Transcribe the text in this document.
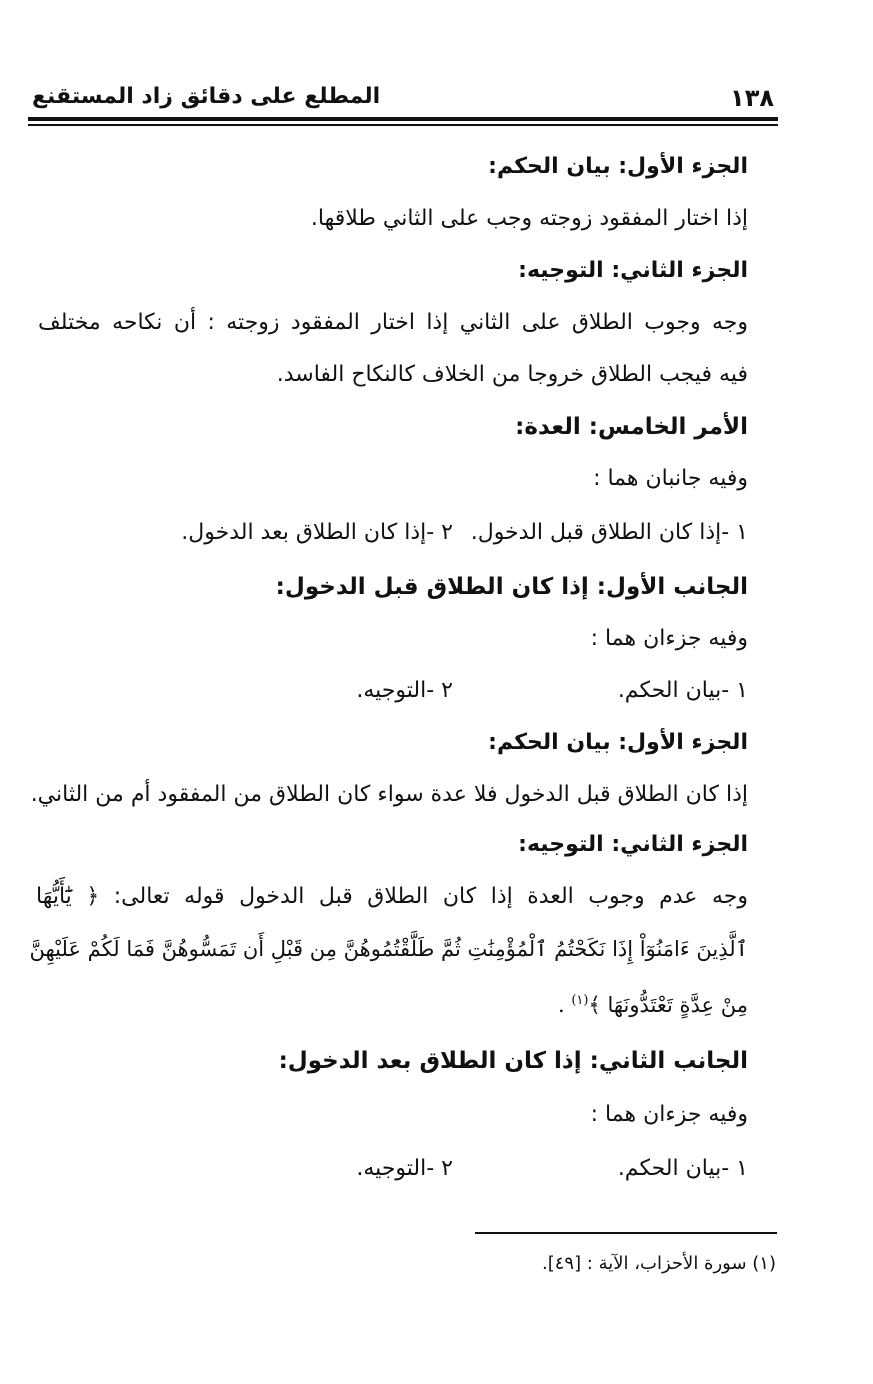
١٣٨
المطلع على دقائق زاد المستقنع
الجزء الأول: بيان الحكم:
إذا اختار المفقود زوجته وجب على الثاني طلاقها.
الجزء الثاني: التوجيه:
وجه وجوب الطلاق على الثاني إذا اختار المفقود زوجته : أن نكاحه مختلف
فيه فيجب الطلاق خروجا من الخلاف كالنكاح الفاسد.
الأمر الخامس: العدة:
وفيه جانبان هما :
١ -إذا كان الطلاق قبل الدخول.
٢ -إذا كان الطلاق بعد الدخول.
الجانب الأول: إذا كان الطلاق قبل الدخول:
وفيه جزءان هما :
١ -بيان الحكم.
٢ -التوجيه.
الجزء الأول: بيان الحكم:
إذا كان الطلاق قبل الدخول فلا عدة سواء كان الطلاق من المفقود أم من الثاني.
الجزء الثاني: التوجيه:
وجه عدم وجوب العدة إذا كان الطلاق قبل الدخول قوله تعالى: ﴿ يَٰٓأَيُّهَا
ٱلَّذِينَ ءَامَنُوٓاْ إِذَا نَكَحْتُمُ ٱلْمُؤْمِنَٰتِ ثُمَّ طَلَّقْتُمُوهُنَّ مِن قَبْلِ أَن تَمَسُّوهُنَّ فَمَا لَكُمْ عَلَيْهِنَّ
مِنْ عِدَّةٍ تَعْتَدُّونَهَا ﴾$^{(١)}$ .
الجانب الثاني: إذا كان الطلاق بعد الدخول:
وفيه جزءان هما :
١ -بيان الحكم.
٢ -التوجيه.
(١) سورة الأحزاب، الآية : [٤٩].
